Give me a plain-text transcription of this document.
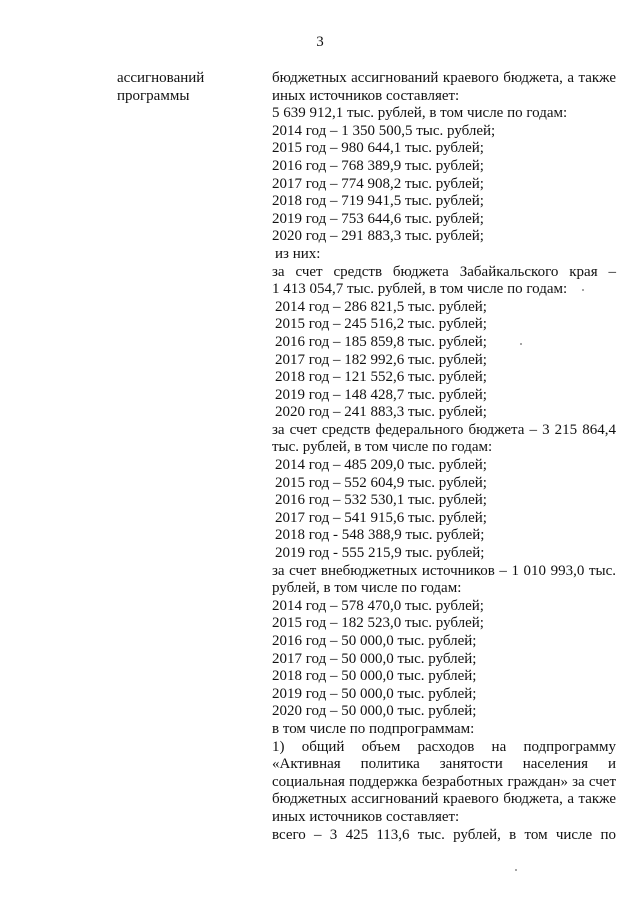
3
ассигнований
программы
бюджетных ассигнований краевого бюджета, а также
иных источников составляет:
5 639 912,1 тыс. рублей, в том числе по годам:
2014 год – 1 350 500,5 тыс. рублей;
2015 год – 980 644,1 тыс. рублей;
2016 год – 768 389,9 тыс. рублей;
2017 год – 774 908,2 тыс. рублей;
2018 год – 719 941,5 тыс. рублей;
2019 год – 753 644,6 тыс. рублей;
2020 год – 291 883,3 тыс. рублей;
из них:
за счет средств бюджета Забайкальского края –
1 413 054,7 тыс. рублей, в том числе по годам:
2014 год – 286 821,5 тыс. рублей;
2015 год – 245 516,2 тыс. рублей;
2016 год – 185 859,8 тыс. рублей;
2017 год – 182 992,6 тыс. рублей;
2018 год – 121 552,6 тыс. рублей;
2019 год – 148 428,7 тыс. рублей;
2020 год – 241 883,3 тыс. рублей;
за счет средств федерального бюджета – 3 215 864,4
тыс. рублей, в том числе по годам:
2014 год – 485 209,0 тыс. рублей;
2015 год – 552 604,9 тыс. рублей;
2016 год – 532 530,1 тыс. рублей;
2017 год – 541 915,6 тыс. рублей;
2018 год - 548 388,9 тыс. рублей;
2019 год - 555 215,9 тыс. рублей;
за счет внебюджетных источников – 1 010 993,0 тыс.
рублей, в том числе по годам:
2014 год – 578 470,0 тыс. рублей;
2015 год – 182 523,0 тыс. рублей;
2016 год – 50 000,0 тыс. рублей;
2017 год – 50 000,0 тыс. рублей;
2018 год – 50 000,0 тыс. рублей;
2019 год – 50 000,0 тыс. рублей;
2020 год – 50 000,0 тыс. рублей;
в том числе по подпрограммам:
1) общий объем расходов на подпрограмму
«Активная политика занятости населения и
социальная поддержка безработных граждан» за счет
бюджетных ассигнований краевого бюджета, а также
иных источников составляет:
всего – 3 425 113,6 тыс. рублей, в том числе по
